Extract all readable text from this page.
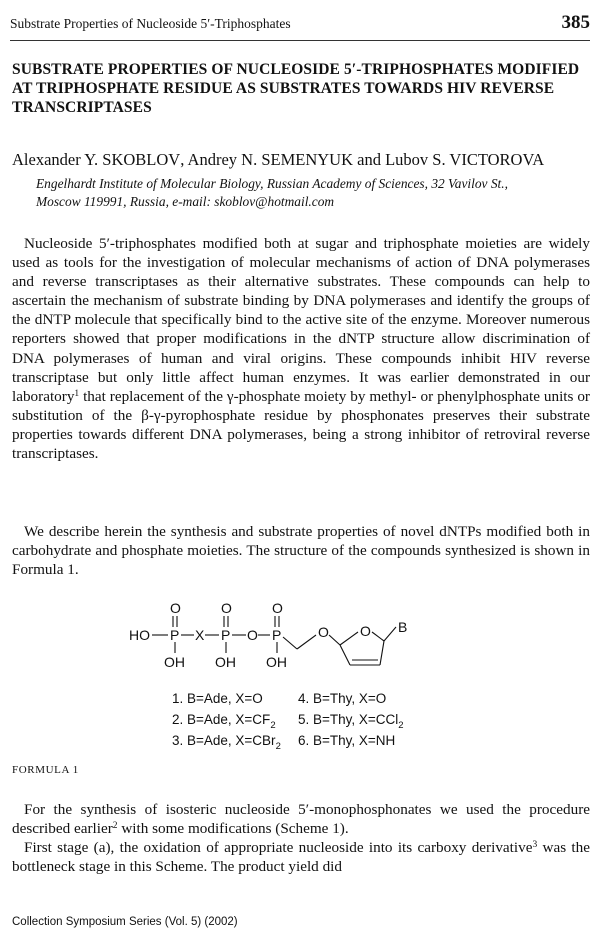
Substrate Properties of Nucleoside 5′-Triphosphates	385
SUBSTRATE PROPERTIES OF NUCLEOSIDE 5′-TRIPHOSPHATES MODIFIED AT TRIPHOSPHATE RESIDUE AS SUBSTRATES TOWARDS HIV REVERSE TRANSCRIPTASES
Alexander Y. SKOBLOV, Andrey N. SEMENYUK and Lubov S. VICTOROVA
Engelhardt Institute of Molecular Biology, Russian Academy of Sciences, 32 Vavilov St.,
Moscow 119991, Russia, e-mail: skoblov@hotmail.com

Nucleoside 5′-triphosphates modified both at sugar and triphosphate moieties are widely used as tools for the investigation of molecular mechanisms of action of DNA polymerases and reverse transcriptases as their alternative substrates. These compounds can help to ascertain the mechanism of substrate binding by DNA polymerases and identify the groups of the dNTP molecule that specifically bind to the active site of the enzyme. Moreover numerous reporters showed that proper modifications in the dNTP structure allow discrimination of DNA polymerases of human and viral origins. These compounds inhibit HIV reverse transcriptase but only little affect human enzymes. It was earlier demonstrated in our laboratory$^1$ that replacement of the γ-phosphate moiety by methyl- or phenylphosphate units or substitution of the β-γ-pyrophosphate residue by phosphonates preserves their substrate properties towards different DNA polymerases, being a strong inhibitor of retroviral reverse transcriptases.

We describe herein the synthesis and substrate properties of novel dNTPs modified both in carbohydrate and phosphate moieties. The structure of the compounds synthesized is shown in Formula 1.

O	O	O
HO P X P O P
OH OH OH
O O B
1. B=Ade, X=O	4. B=Thy, X=O
2. B=Ade, $X=CF_2$ 5. B=Thy, X=CCl$_2$
3. B=Ade, X=CBr$_2$ 6. B=Thy, X=NH
FORMULA 1

For the synthesis of isosteric nucleoside 5′-monophosphonates we used the procedure described earlier$^2$ with some modifications (Scheme 1).

First stage (a), the oxidation of appropriate nucleoside into its carboxy derivative$^3$ was the bottleneck stage in this Scheme. The product yield did

Collection Symposium Series (Vol. 5) (2002)
